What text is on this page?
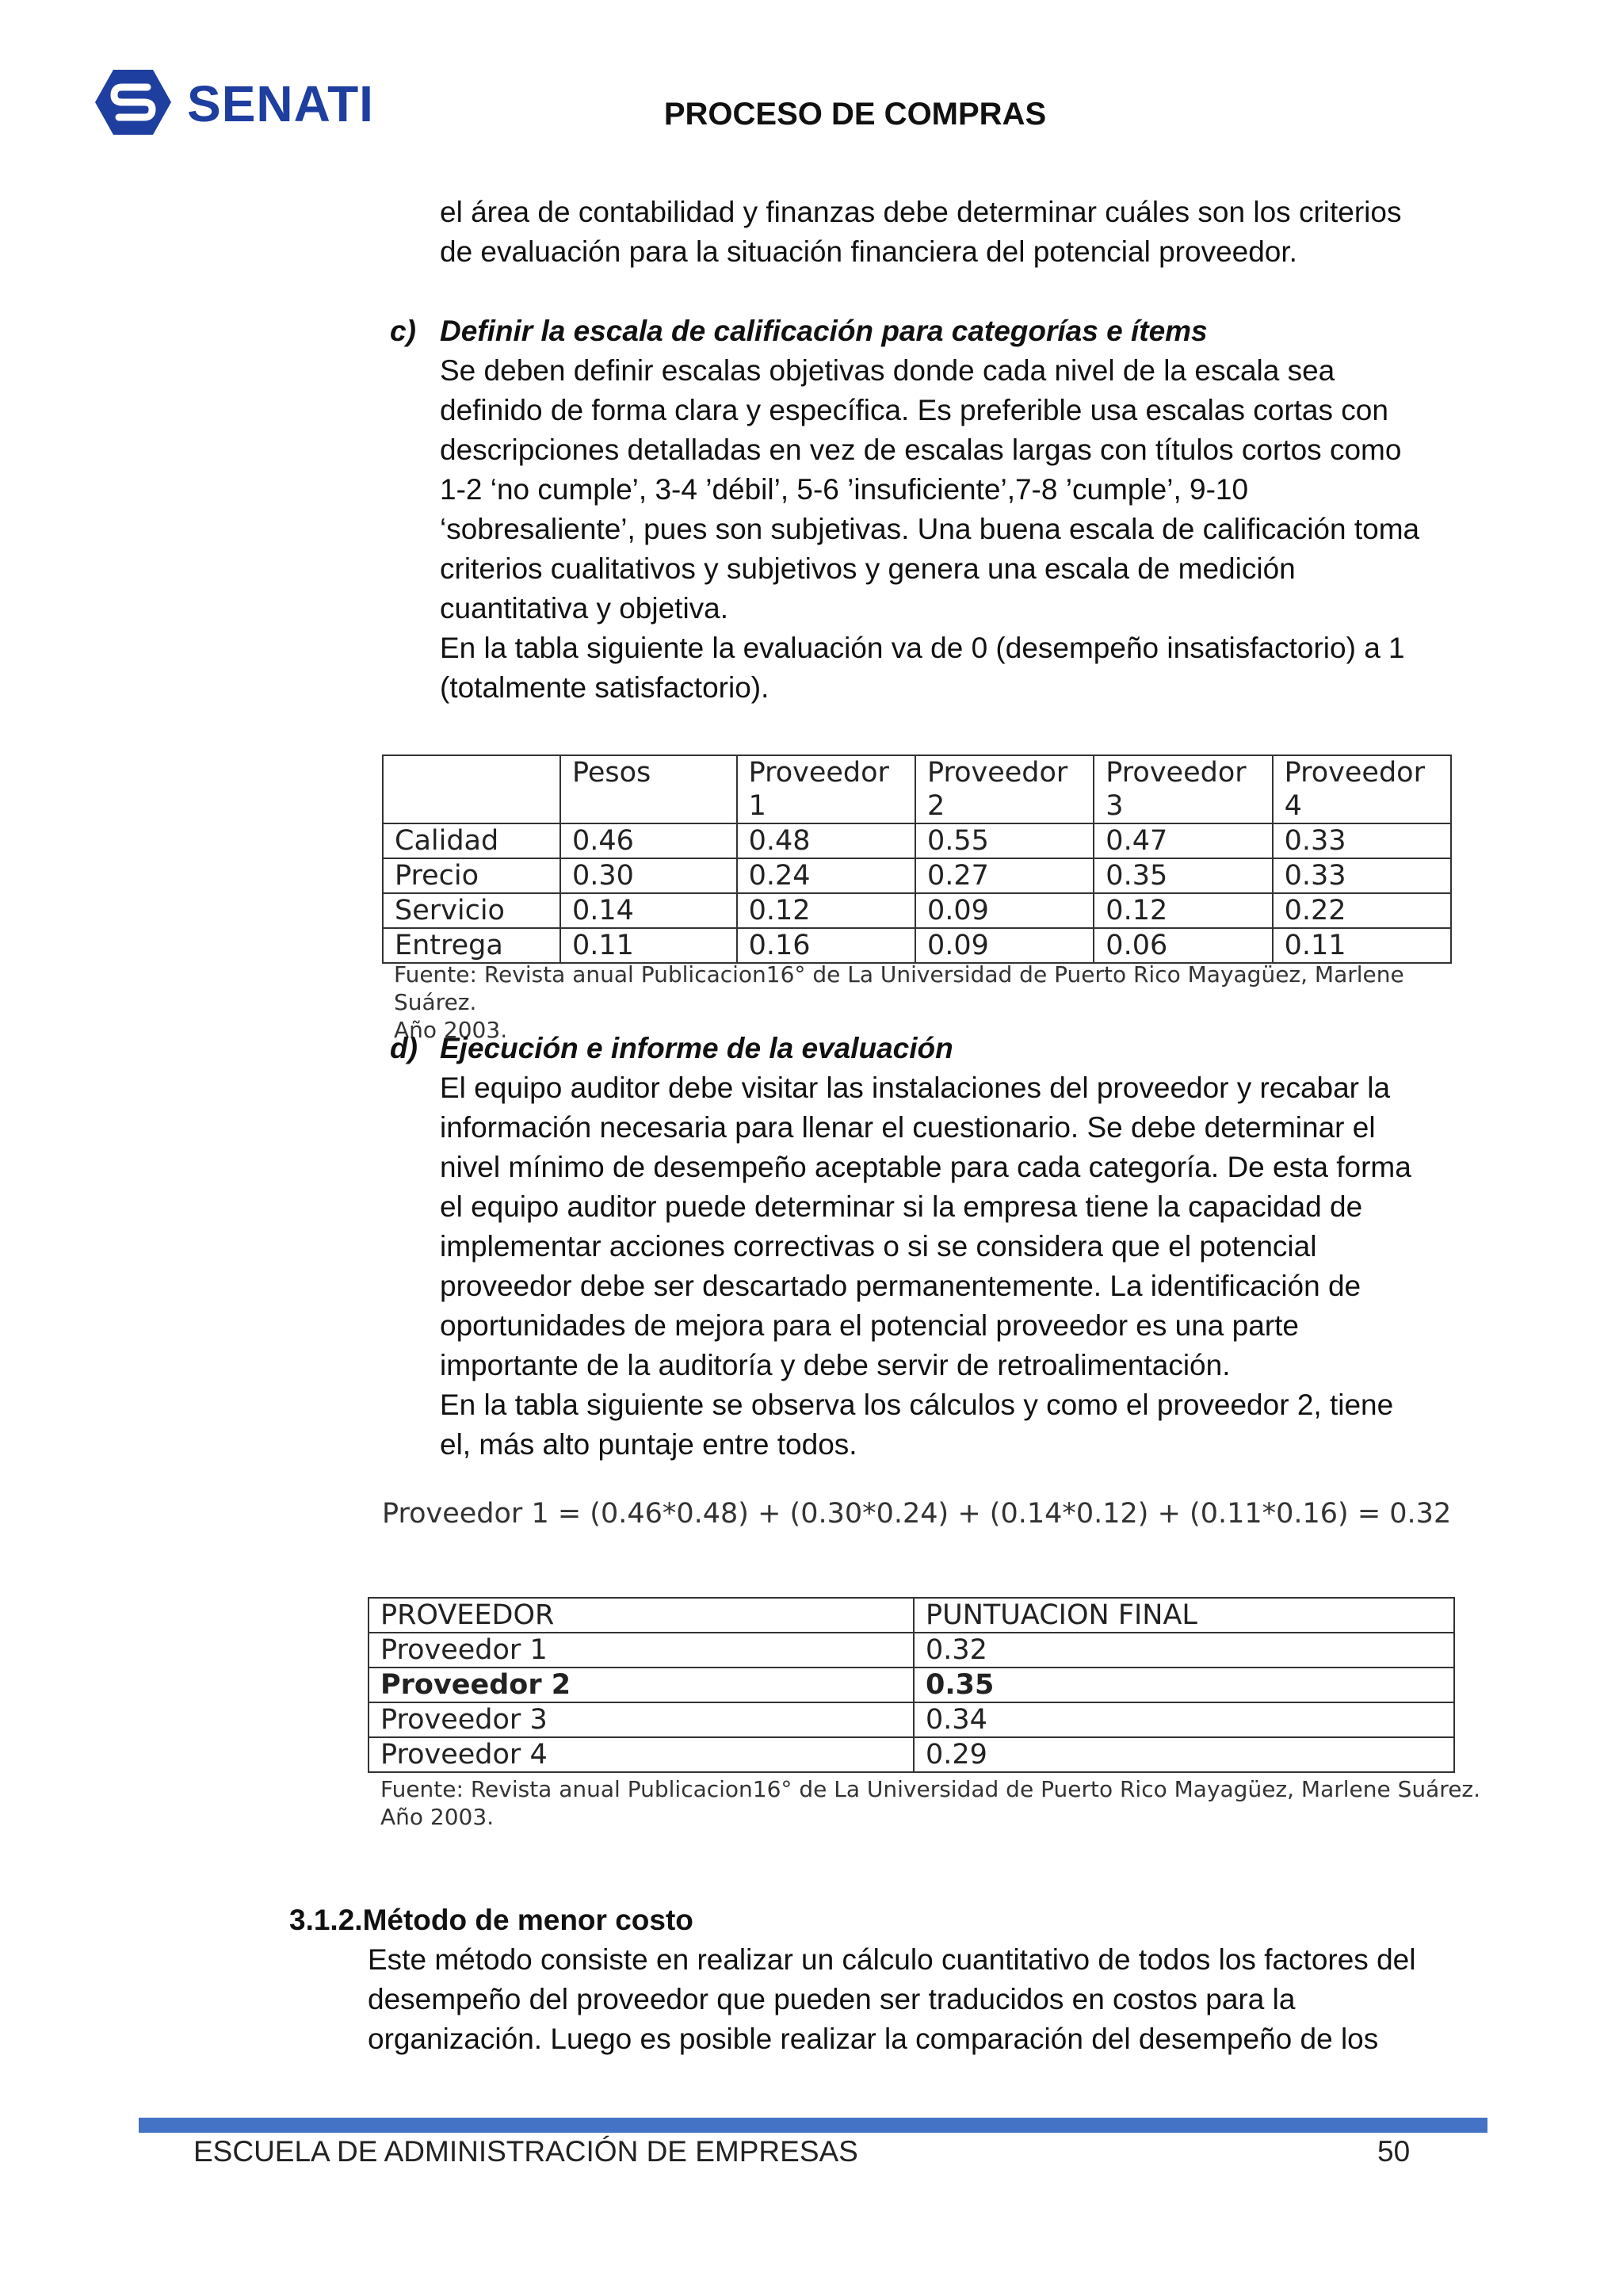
SENATI	PROCESO DE COMPRAS
el área de contabilidad y finanzas debe determinar cuáles son los criterios
de evaluación para la situación financiera del potencial proveedor.
c) Definir la escala de calificación para categorías e ítems
Se deben definir escalas objetivas donde cada nivel de la escala sea
definido de forma clara y específica. Es preferible usa escalas cortas con
descripciones detalladas en vez de escalas largas con títulos cortos como
1-2 ‘no cumple’, 3-4 ’débil’, 5-6 ’insuficiente’,7-8 ’cumple’, 9-10
‘sobresaliente’, pues son subjetivas. Una buena escala de calificación toma
criterios cualitativos y subjetivos y genera una escala de medición
cuantitativa y objetiva.
En la tabla siguiente la evaluación va de 0 (desempeño insatisfactorio) a 1
(totalmente satisfactorio).
	Pesos	Proveedor 1	Proveedor 2	Proveedor 3	Proveedor 4
Calidad	0.46	0.48	0.55	0.47	0.33
Precio	0.30	0.24	0.27	0.35	0.33
Servicio	0.14	0.12	0.09	0.12	0.22
Entrega	0.11	0.16	0.09	0.06	0.11
Fuente: Revista anual Publicacion16° de La Universidad de Puerto Rico Mayagüez, Marlene Suárez.
Año 2003.
d) Ejecución e informe de la evaluación
El equipo auditor debe visitar las instalaciones del proveedor y recabar la
información necesaria para llenar el cuestionario. Se debe determinar el
nivel mínimo de desempeño aceptable para cada categoría. De esta forma
el equipo auditor puede determinar si la empresa tiene la capacidad de
implementar acciones correctivas o si se considera que el potencial
proveedor debe ser descartado permanentemente. La identificación de
oportunidades de mejora para el potencial proveedor es una parte
importante de la auditoría y debe servir de retroalimentación.
En la tabla siguiente se observa los cálculos y como el proveedor 2, tiene
el, más alto puntaje entre todos.
Proveedor 1 = (0.46*0.48) + (0.30*0.24) + (0.14*0.12) + (0.11*0.16) = 0.32
PROVEEDOR	PUNTUACION FINAL
Proveedor 1	0.32
Proveedor 2	0.35
Proveedor 3	0.34
Proveedor 4	0.29
Fuente: Revista anual Publicacion16° de La Universidad de Puerto Rico Mayagüez, Marlene Suárez.
Año 2003.
3.1.2.Método de menor costo
Este método consiste en realizar un cálculo cuantitativo de todos los factores del
desempeño del proveedor que pueden ser traducidos en costos para la
organización. Luego es posible realizar la comparación del desempeño de los
ESCUELA DE ADMINISTRACIÓN DE EMPRESAS	50
